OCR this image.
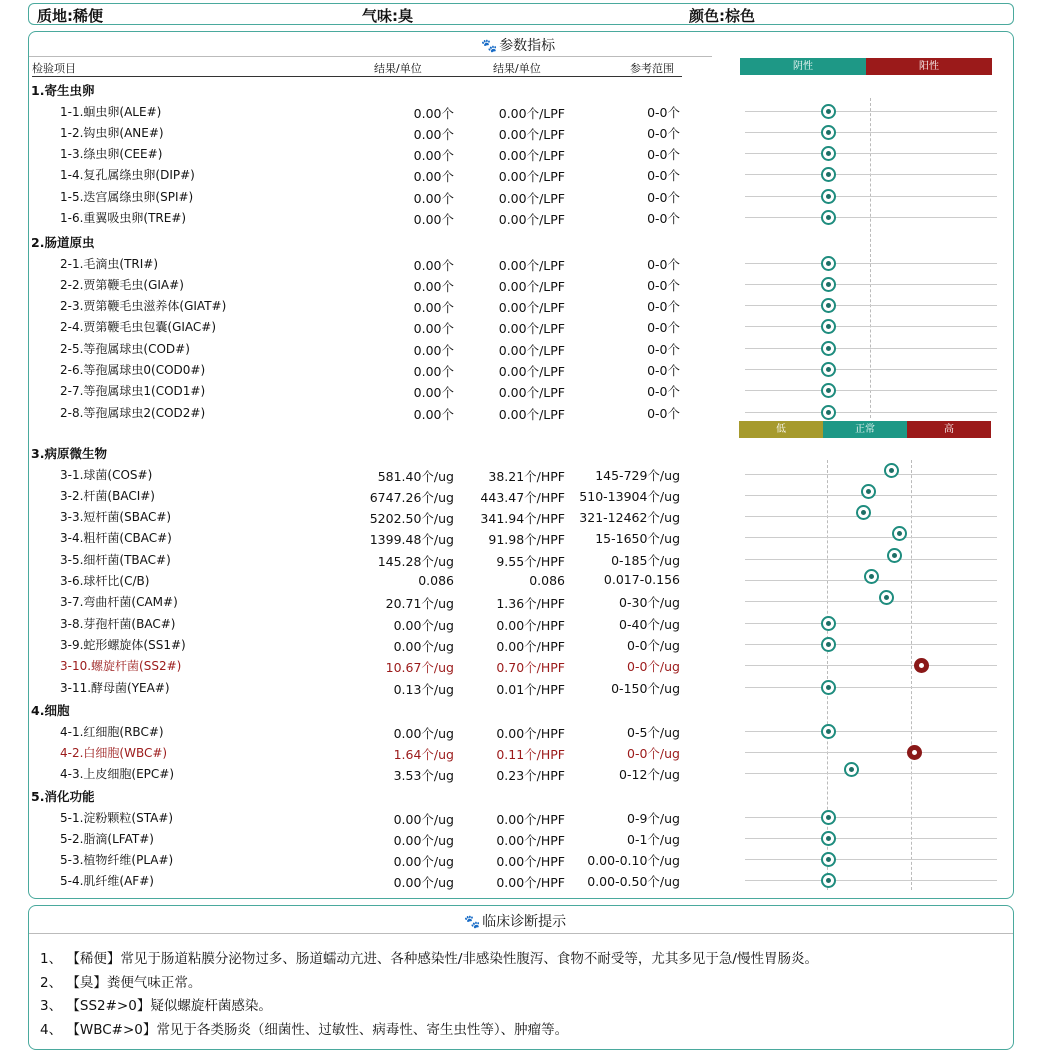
质地:稀便	气味:臭	颜色:棕色
🐾 参数指标
检验项目	结果/单位	结果/单位	参考范围	阴性	阳性
低	正常	高
1.寄生虫卵
1-1.蛔虫卵(ALE#)	0.00个	0.00个/LPF	0-0个
1-2.钩虫卵(ANE#)	0.00个	0.00个/LPF	0-0个
1-3.绦虫卵(CEE#)	0.00个	0.00个/LPF	0-0个
1-4.复孔属绦虫卵(DIP#)	0.00个	0.00个/LPF	0-0个
1-5.迭宫属绦虫卵(SPI#)	0.00个	0.00个/LPF	0-0个
1-6.重翼吸虫卵(TRE#)	0.00个	0.00个/LPF	0-0个
2.肠道原虫
2-1.毛滴虫(TRI#)	0.00个	0.00个/LPF	0-0个
2-2.贾第鞭毛虫(GIA#)	0.00个	0.00个/LPF	0-0个
2-3.贾第鞭毛虫滋养体(GIAT#)	0.00个	0.00个/LPF	0-0个
2-4.贾第鞭毛虫包囊(GIAC#)	0.00个	0.00个/LPF	0-0个
2-5.等孢属球虫(COD#)	0.00个	0.00个/LPF	0-0个
2-6.等孢属球虫0(COD0#)	0.00个	0.00个/LPF	0-0个
2-7.等孢属球虫1(COD1#)	0.00个	0.00个/LPF	0-0个
2-8.等孢属球虫2(COD2#)	0.00个	0.00个/LPF	0-0个
3.病原微生物
3-1.球菌(COS#)	581.40个/ug	38.21个/HPF 145-729个/ug
3-2.杆菌(BACI#)	6747.26个/ug 443.47个/HPF 510-13904个/ug
3-3.短杆菌(SBAC#)	5202.50个/ug 341.94个/HPF 321-12462个/ug
3-4.粗杆菌(CBAC#)	1399.48个/ug	91.98个/HPF 15-1650个/ug
3-5.细杆菌(TBAC#)	145.28个/ug	9.55个/HPF	0-185个/ug
3-6.球杆比(C/B)	0.086	0.086	0.017-0.156
3-7.弯曲杆菌(CAM#)	20.71个/ug	1.36个/HPF	0-30个/ug
3-8.芽孢杆菌(BAC#)	0.00个/ug	0.00个/HPF	0-40个/ug
3-9.蛇形螺旋体(SS1#)	0.00个/ug	0.00个/HPF	0-0个/ug
3-10.螺旋杆菌(SS2#)	10.67个/ug	0.70个/HPF	0-0个/ug
3-11.酵母菌(YEA#)	0.13个/ug	0.01个/HPF	0-150个/ug
4.细胞
4-1.红细胞(RBC#)	0.00个/ug	0.00个/HPF	0-5个/ug
4-2.白细胞(WBC#)	1.64个/ug	0.11个/HPF	0-0个/ug
4-3.上皮细胞(EPC#)	3.53个/ug	0.23个/HPF	0-12个/ug
5.消化功能
5-1.淀粉颗粒(STA#)	0.00个/ug	0.00个/HPF	0-9个/ug
5-2.脂滴(LFAT#)	0.00个/ug	0.00个/HPF	0-1个/ug
5-3.植物纤维(PLA#)	0.00个/ug	0.00个/HPF 0.00-0.10个/ug
5-4.肌纤维(AF#)	0.00个/ug	0.00个/HPF 0.00-0.50个/ug
🐾 临床诊断提示
1、 【稀便】常见于肠道粘膜分泌物过多、肠道蠕动亢进、各种感染性/非感染性腹泻、食物不耐受等，尤其多见于急/慢性胃肠炎。
2、 【臭】粪便气味正常。
3、 【SS2#>0】疑似螺旋杆菌感染。
4、 【WBC#>0】常见于各类肠炎（细菌性、过敏性、病毒性、寄生虫性等）、肿瘤等。
